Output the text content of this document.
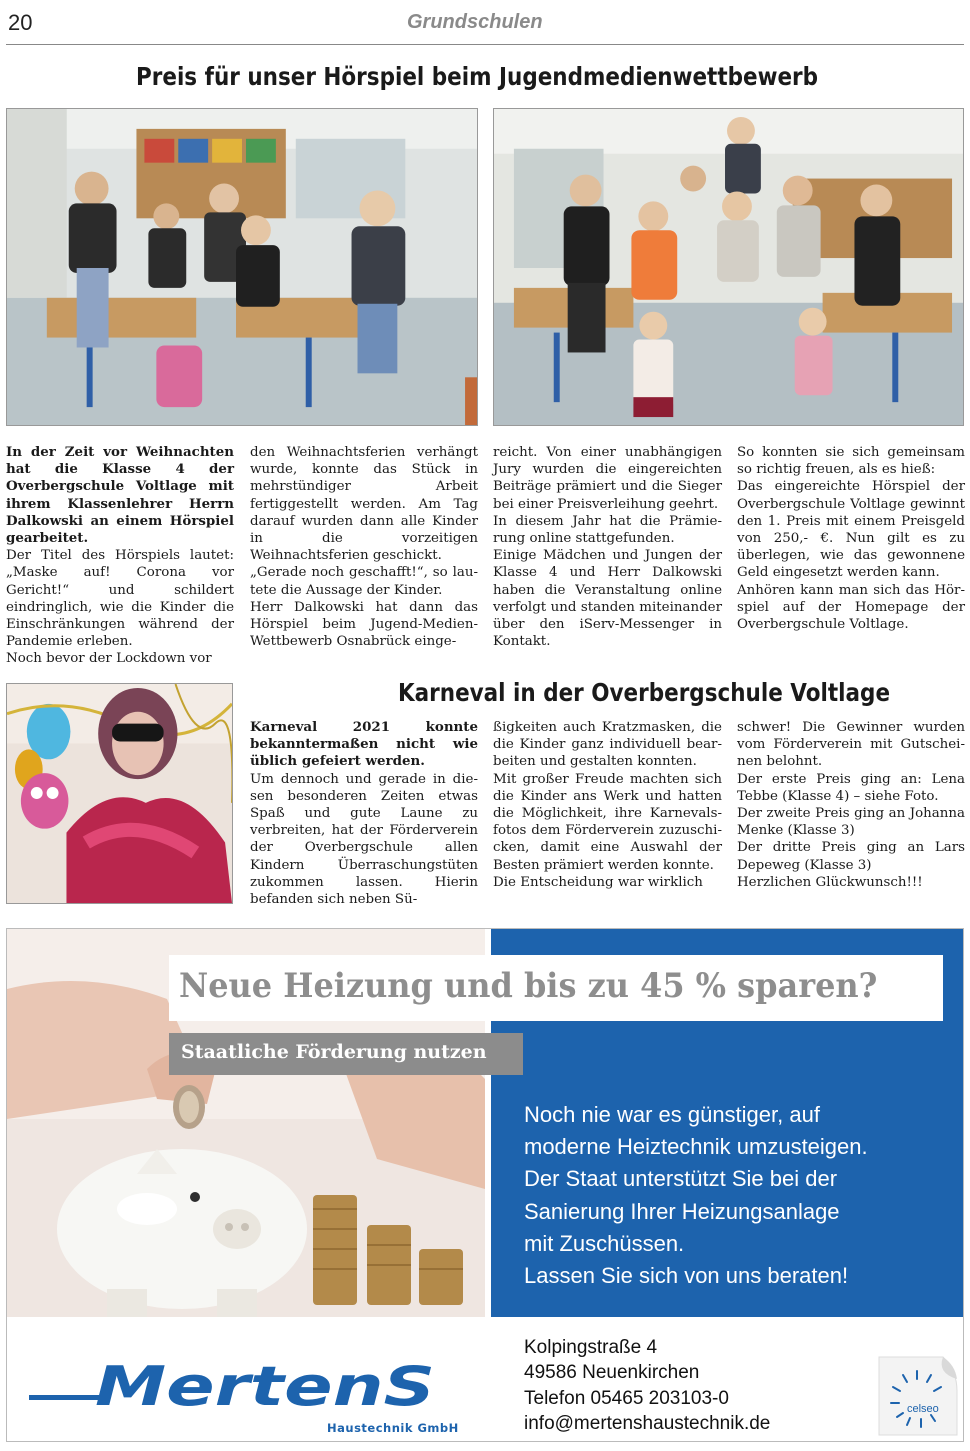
20	Grundschulen
Preis für unser Hörspiel beim Jugendmedienwettbewerb

In der Zeit vor Weihnachten hat die Klasse 4 der Overbergschule Voltlage mit ihrem Klassenlehrer Herrn Dalkowski an einem Hörspiel gearbeitet.

Der Titel des Hörspiels lautet: „Maske auf! Corona vor Gericht!“ und schildert eindringlich, wie die Kinder die Einschränkungen während der Pandemie erleben.

Noch bevor der Lockdown vor

den Weihnachtsferien verhängt wurde, konnte das Stück in mehrstündiger Arbeit fertiggestellt werden. Am Tag darauf wurden dann alle Kinder in die vorzeitigen Weihnachtsferien geschickt.

„Gerade noch geschafft!“, so lautete die Aussage der Kinder.

Herr Dalkowski hat dann das Hörspiel beim Jugend-Medien-Wettbewerb Osnabrück einge-

reicht. Von einer unabhängigen Jury wurden die eingereichten Beiträge prämiert und die Sieger bei einer Preisverleihung geehrt.

In diesem Jahr hat die Prämierung online stattgefunden.

Einige Mädchen und Jungen der Klasse 4 und Herr Dalkowski haben die Veranstaltung online verfolgt und standen miteinander über den iServ-Messenger in Kontakt.

So konnten sie sich gemeinsam so richtig freuen, als es hieß:

Das eingereichte Hörspiel der Overbergschule Voltlage gewinnt den 1. Preis mit einem Preisgeld von 250,- €. Nun gilt es zu überlegen, wie das gewonnene Geld eingesetzt werden kann.

Anhören kann man sich das Hörspiel auf der Homepage der Overbergschule Voltlage.

Karneval in der Overbergschule Voltlage

Karneval 2021 konnte bekanntermaßen nicht wie üblich gefeiert werden.

Um dennoch und gerade in diesen besonderen Zeiten etwas Spaß und gute Laune zu verbreiten, hat der Förderverein der Overbergschule allen Kindern Überraschungstüten zukommen lassen. Hierin befanden sich neben Sü-

ßigkeiten auch Kratzmasken, die die Kinder ganz individuell bearbeiten und gestalten konnten.

Mit großer Freude machten sich die Kinder ans Werk und hatten die Möglichkeit, ihre Karnevalsfotos dem Förderverein zuzuschicken, damit eine Auswahl der Besten prämiert werden konnte.

Die Entscheidung war wirklich

schwer! Die Gewinner wurden vom Förderverein mit Gutscheinen belohnt.

Der erste Preis ging an: Lena Tebbe (Klasse 4) – siehe Foto.

Der zweite Preis ging an Johanna Menke (Klasse 3)

Der dritte Preis ging an Lars Depeweg (Klasse 3)

Herzlichen Glückwunsch!!!

Neue Heizung und bis zu 45 % sparen?
Staatliche Förderung nutzen
Noch nie war es günstiger, auf
moderne Heiztechnik umzusteigen.
Der Staat unterstützt Sie bei der
Sanierung Ihrer Heizungsanlage
mit Zuschüssen.
Lassen Sie sich von uns beraten!
MertenS
Haustechnik GmbH
Kolpingstraße 4
49586 Neuenkirchen
Telefon 05465 203103-0
info@mertenshaustechnik.de
celseo
